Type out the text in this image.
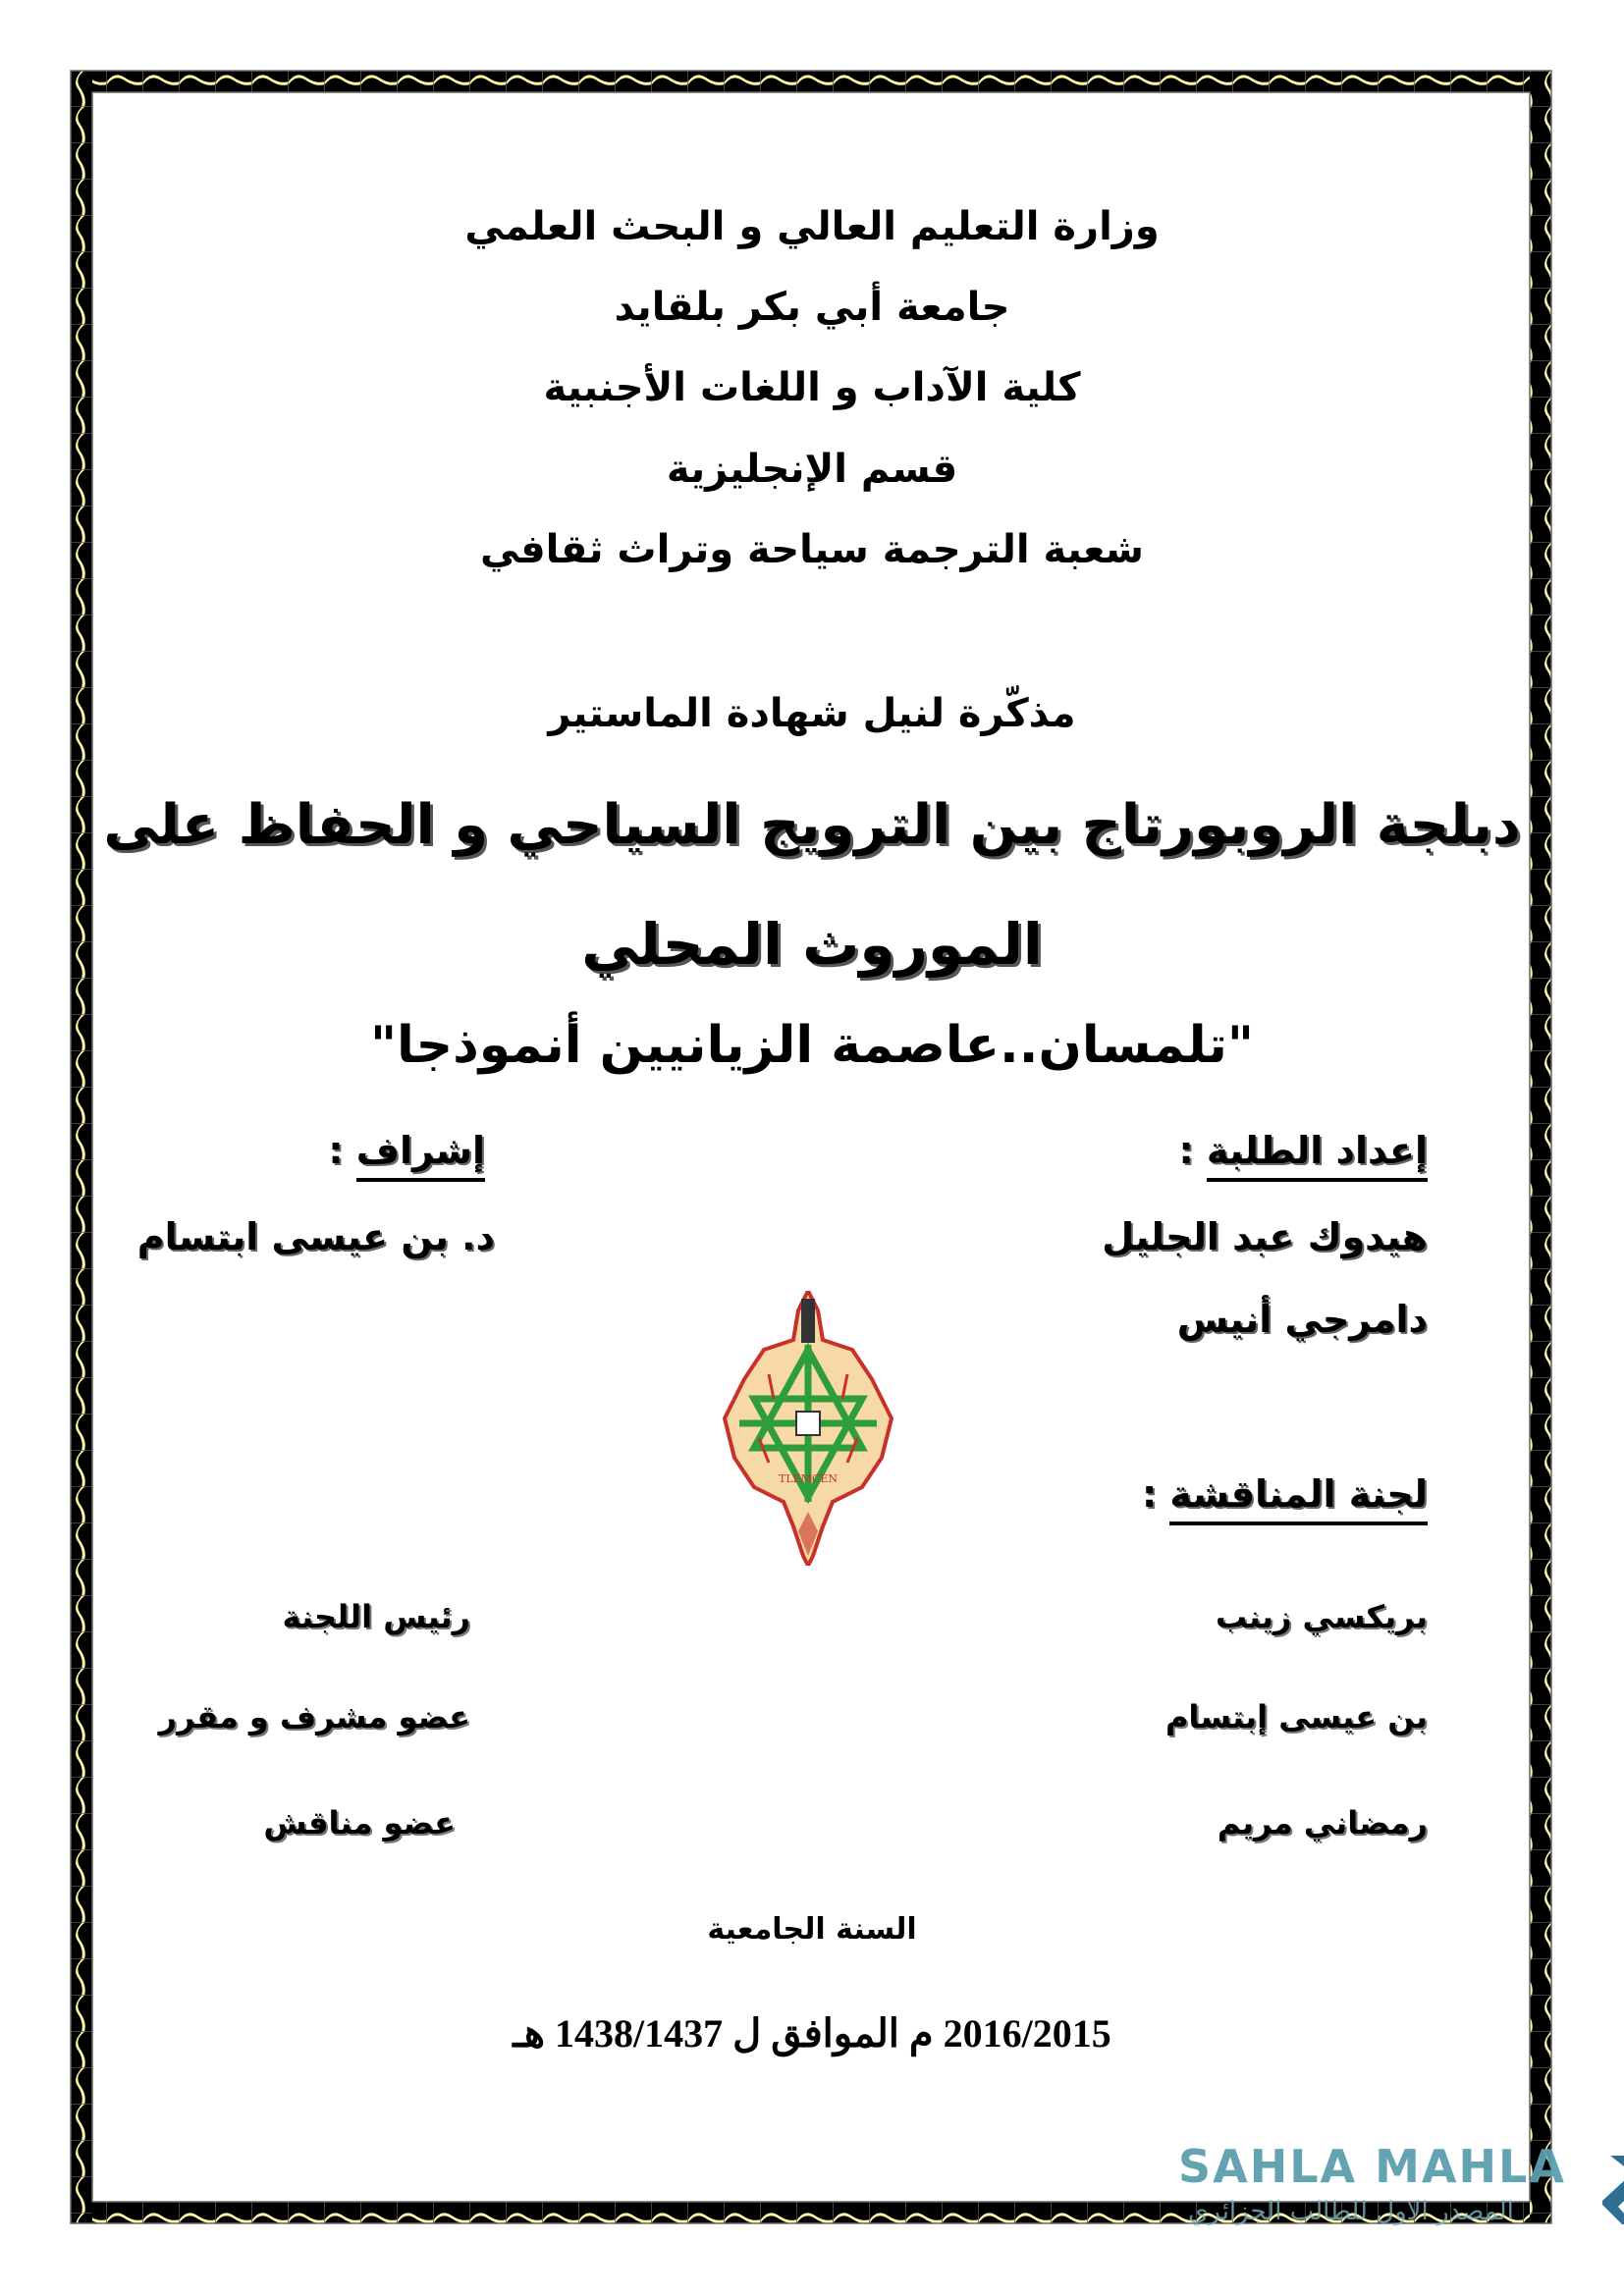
وزارة التعليم العالي و البحث العلمي
جامعة أبي بكر بلقايد
كلية الآداب و اللغات الأجنبية
قسم الإنجليزية
شعبة الترجمة سياحة وتراث ثقافي
مذكّرة لنيل شهادة الماستير
دبلجة الروبورتاج بين الترويج السياحي و الحفاظ على
الموروث المحلي
"تلمسان..عاصمة الزيانيين أنموذجا"
إعداد الطلبة :
هيدوك عبد الجليل
دامرجي أنيس
إشراف :
د. بن عيسى ابتسام
TLEMCEN	لجنة المناقشة :
بريكسي زينب
رئيس اللجنة
بن عيسى إبتسام
عضو مشرف و مقرر
رمضاني مريم
عضو مناقش
السنة الجامعية
2016/2015 م الموافق ل 1438/1437 هـ
SAHLA MAHLA
المصدر الاول للطالب الجزائري
